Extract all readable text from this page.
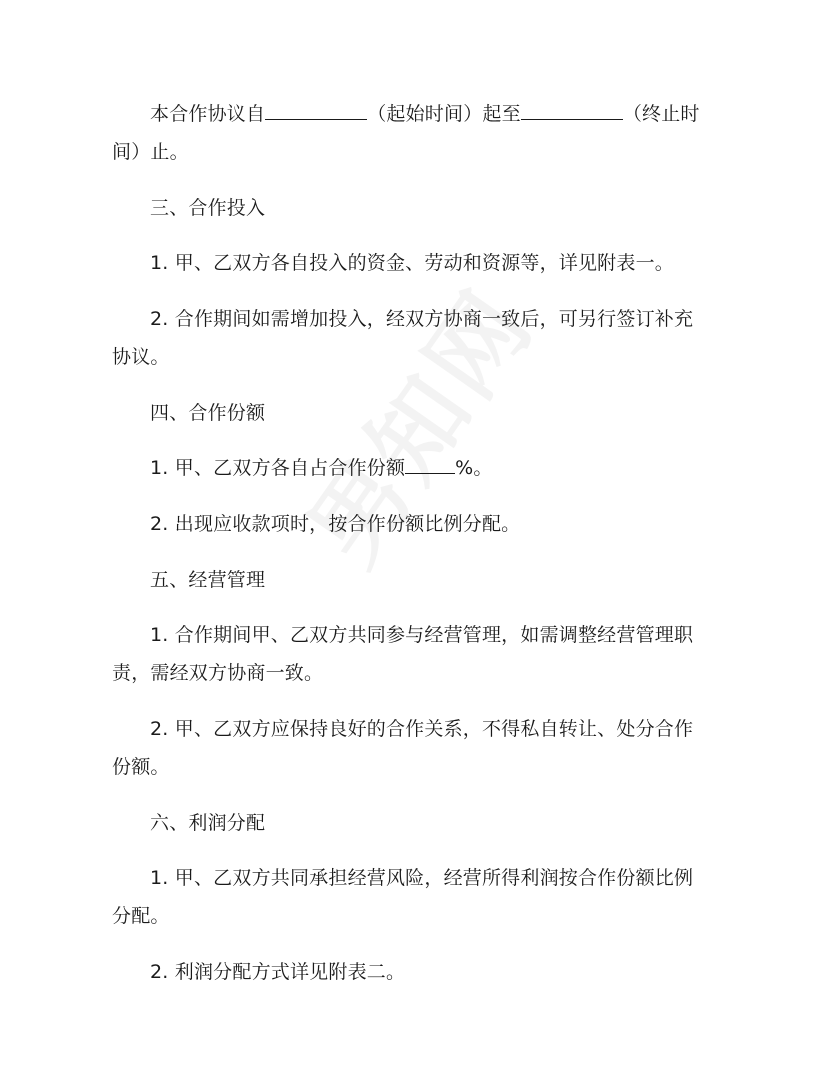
本合作协议自	（起始时间）起至	（终止时间）止。

三、合作投入

1. 甲、乙双方各自投入的资金、劳动和资源等，详见附表一。

2. 合作期间如需增加投入，经双方协商一致后，可另行签订补充协议。

四、合作份额

1. 甲、乙双方各自占合作份额	%。

2. 出现应收款项时，按合作份额比例分配。

五、经营管理

1. 合作期间甲、乙双方共同参与经营管理，如需调整经营管理职责，需经双方协商一致。

2. 甲、乙双方应保持良好的合作关系，不得私自转让、处分合作份额。

六、利润分配

1. 甲、乙双方共同承担经营风险，经营所得利润按合作份额比例分配。

2. 利润分配方式详见附表二。
